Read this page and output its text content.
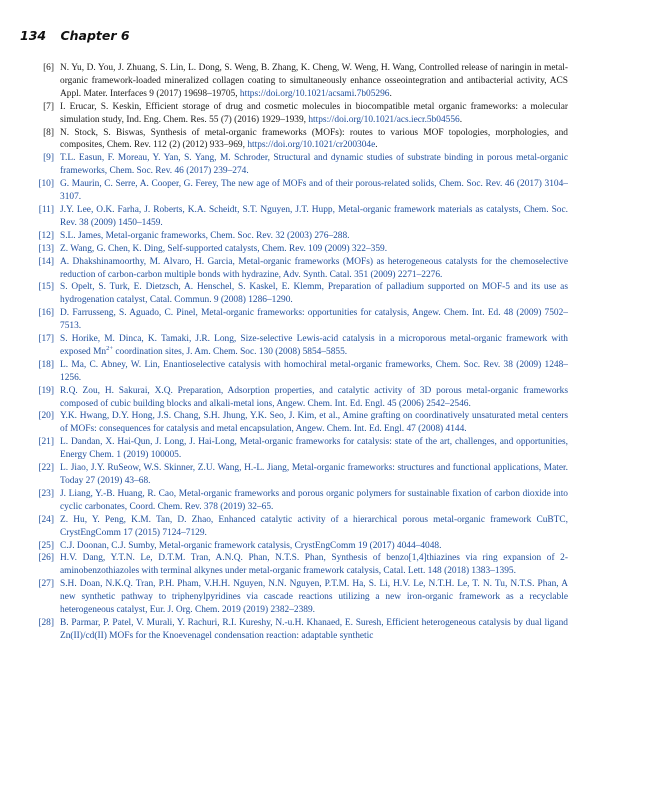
134 Chapter 6
[6] N. Yu, D. You, J. Zhuang, S. Lin, L. Dong, S. Weng, B. Zhang, K. Cheng, W. Weng, H. Wang, Controlled release of naringin in metal-organic framework-loaded mineralized collagen coating to simultaneously enhance osseointegration and antibacterial activity, ACS Appl. Mater. Interfaces 9 (2017) 19698–19705, https://doi.org/10.1021/acsami.7b05296.
[7] I. Erucar, S. Keskin, Efficient storage of drug and cosmetic molecules in biocompatible metal organic frameworks: a molecular simulation study, Ind. Eng. Chem. Res. 55 (7) (2016) 1929–1939, https://doi.org/10.1021/acs.iecr.5b04556.
[8] N. Stock, S. Biswas, Synthesis of metal-organic frameworks (MOFs): routes to various MOF topologies, morphologies, and composites, Chem. Rev. 112 (2) (2012) 933–969, https://doi.org/10.1021/cr200304e.
[9] T.L. Easun, F. Moreau, Y. Yan, S. Yang, M. Schroder, Structural and dynamic studies of substrate binding in porous metal-organic frameworks, Chem. Soc. Rev. 46 (2017) 239–274.
[10] G. Maurin, C. Serre, A. Cooper, G. Ferey, The new age of MOFs and of their porous-related solids, Chem. Soc. Rev. 46 (2017) 3104–3107.
[11] J.Y. Lee, O.K. Farha, J. Roberts, K.A. Scheidt, S.T. Nguyen, J.T. Hupp, Metal-organic framework materials as catalysts, Chem. Soc. Rev. 38 (2009) 1450–1459.
[12] S.L. James, Metal-organic frameworks, Chem. Soc. Rev. 32 (2003) 276–288.
[13] Z. Wang, G. Chen, K. Ding, Self-supported catalysts, Chem. Rev. 109 (2009) 322–359.
[14] A. Dhakshinamoorthy, M. Alvaro, H. Garcia, Metal-organic frameworks (MOFs) as heterogeneous catalysts for the chemoselective reduction of carbon-carbon multiple bonds with hydrazine, Adv. Synth. Catal. 351 (2009) 2271–2276.
[15] S. Opelt, S. Turk, E. Dietzsch, A. Henschel, S. Kaskel, E. Klemm, Preparation of palladium supported on MOF-5 and its use as hydrogenation catalyst, Catal. Commun. 9 (2008) 1286–1290.
[16] D. Farrusseng, S. Aguado, C. Pinel, Metal-organic frameworks: opportunities for catalysis, Angew. Chem. Int. Ed. 48 (2009) 7502–7513.
[17] S. Horike, M. Dinca, K. Tamaki, J.R. Long, Size-selective Lewis-acid catalysis in a microporous metal-organic framework with exposed $Mn^{2+}$ coordination sites, J. Am. Chem. Soc. 130 (2008) 5854–5855.
[18] L. Ma, C. Abney, W. Lin, Enantioselective catalysis with homochiral metal-organic frameworks, Chem. Soc. Rev. 38 (2009) 1248–1256.
[19] R.Q. Zou, H. Sakurai, X.Q. Preparation, Adsorption properties, and catalytic activity of 3D porous metal-organic frameworks composed of cubic building blocks and alkali-metal ions, Angew. Chem. Int. Ed. Engl. 45 (2006) 2542–2546.
[20] Y.K. Hwang, D.Y. Hong, J.S. Chang, S.H. Jhung, Y.K. Seo, J. Kim, et al., Amine grafting on coordinatively unsaturated metal centers of MOFs: consequences for catalysis and metal encapsulation, Angew. Chem. Int. Ed. Engl. 47 (2008) 4144.
[21] L. Dandan, X. Hai-Qun, J. Long, J. Hai-Long, Metal-organic frameworks for catalysis: state of the art, challenges, and opportunities, Energy Chem. 1 (2019) 100005.
[22] L. Jiao, J.Y. RuSeow, W.S. Skinner, Z.U. Wang, H.-L. Jiang, Metal-organic frameworks: structures and functional applications, Mater. Today 27 (2019) 43–68.
[23] J. Liang, Y.-B. Huang, R. Cao, Metal-organic frameworks and porous organic polymers for sustainable fixation of carbon dioxide into cyclic carbonates, Coord. Chem. Rev. 378 (2019) 32–65.
[24] Z. Hu, Y. Peng, K.M. Tan, D. Zhao, Enhanced catalytic activity of a hierarchical porous metal-organic framework CuBTC, CrystEngComm 17 (2015) 7124–7129.
[25] C.J. Doonan, C.J. Sumby, Metal-organic framework catalysis, CrystEngComm 19 (2017) 4044–4048.
[26] H.V. Dang, Y.T.N. Le, D.T.M. Tran, A.N.Q. Phan, N.T.S. Phan, Synthesis of benzo[1,4]thiazines via ring expansion of 2-aminobenzothiazoles with terminal alkynes under metal-organic framework catalysis, Catal. Lett. 148 (2018) 1383–1395.
[27] S.H. Doan, N.K.Q. Tran, P.H. Pham, V.H.H. Nguyen, N.N. Nguyen, P.T.M. Ha, S. Li, H.V. Le, N.T.H. Le, T. N. Tu, N.T.S. Phan, A new synthetic pathway to triphenylpyridines via cascade reactions utilizing a new iron-organic framework as a recyclable heterogeneous catalyst, Eur. J. Org. Chem. 2019 (2019) 2382–2389.
[28] B. Parmar, P. Patel, V. Murali, Y. Rachuri, R.I. Kureshy, N.-u.H. Khanaed, E. Suresh, Efficient heterogeneous catalysis by dual ligand Zn(II)/cd(II) MOFs for the Knoevenagel condensation reaction: adaptable synthetic
